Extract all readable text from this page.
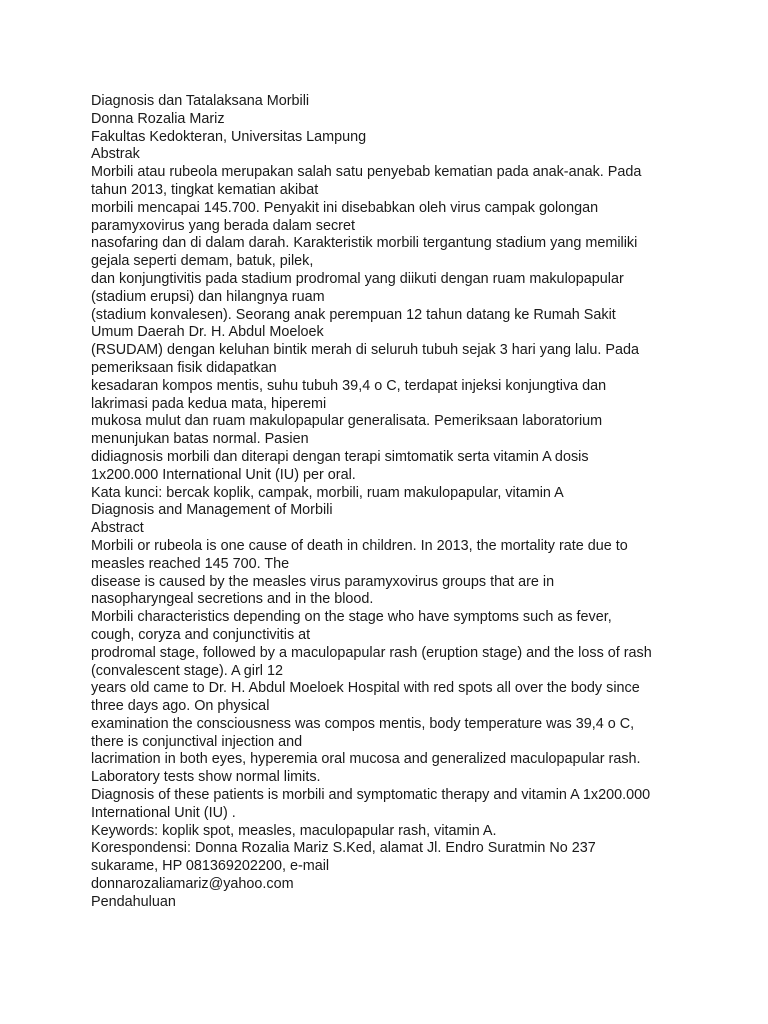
Diagnosis dan Tatalaksana Morbili
Donna Rozalia Mariz
Fakultas Kedokteran, Universitas Lampung
Abstrak
Morbili atau rubeola merupakan salah satu penyebab kematian pada anak-anak. Pada
tahun 2013, tingkat kematian akibat
morbili mencapai 145.700. Penyakit ini disebabkan oleh virus campak golongan
paramyxovirus yang berada dalam secret
nasofaring dan di dalam darah. Karakteristik morbili tergantung stadium yang memiliki
gejala seperti demam, batuk, pilek,
dan konjungtivitis pada stadium prodromal yang diikuti dengan ruam makulopapular
(stadium erupsi) dan hilangnya ruam
(stadium konvalesen). Seorang anak perempuan 12 tahun datang ke Rumah Sakit
Umum Daerah Dr. H. Abdul Moeloek
(RSUDAM) dengan keluhan bintik merah di seluruh tubuh sejak 3 hari yang lalu. Pada
pemeriksaan fisik didapatkan
kesadaran kompos mentis, suhu tubuh 39,4 o C, terdapat injeksi konjungtiva dan
lakrimasi pada kedua mata, hiperemi
mukosa mulut dan ruam makulopapular generalisata. Pemeriksaan laboratorium
menunjukan batas normal. Pasien
didiagnosis morbili dan diterapi dengan terapi simtomatik serta vitamin A dosis
1x200.000 International Unit (IU) per oral.
Kata kunci: bercak koplik, campak, morbili, ruam makulopapular, vitamin A
Diagnosis and Management of Morbili
Abstract
Morbili or rubeola is one cause of death in children. In 2013, the mortality rate due to
measles reached 145 700. The
disease is caused by the measles virus paramyxovirus groups that are in
nasopharyngeal secretions and in the blood.
Morbili characteristics depending on the stage who have symptoms such as fever,
cough, coryza and conjunctivitis at
prodromal stage, followed by a maculopapular rash (eruption stage) and the loss of rash
(convalescent stage). A girl 12
years old came to Dr. H. Abdul Moeloek Hospital with red spots all over the body since
three days ago. On physical
examination the consciousness was compos mentis, body temperature was 39,4 o C,
there is conjunctival injection and
lacrimation in both eyes, hyperemia oral mucosa and generalized maculopapular rash.
Laboratory tests show normal limits.
Diagnosis of these patients is morbili and symptomatic therapy and vitamin A 1x200.000
International Unit (IU) .
Keywords: koplik spot, measles, maculopapular rash, vitamin A.
Korespondensi: Donna Rozalia Mariz S.Ked, alamat Jl. Endro Suratmin No 237
sukarame, HP 081369202200, e-mail
donnarozaliamariz@yahoo.com
Pendahuluan
